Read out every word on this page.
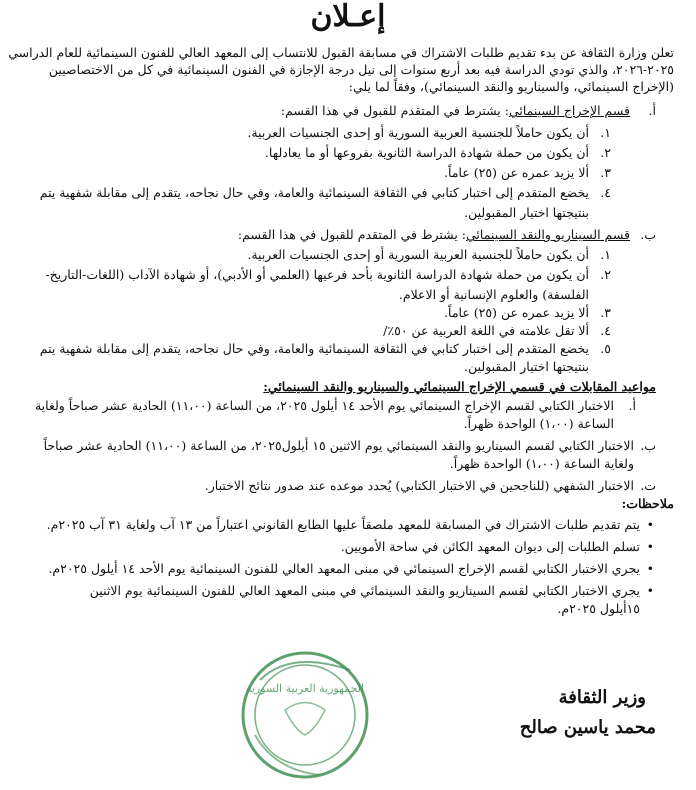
إعـلان
تعلن وزارة الثقافة عن بدء تقديم طلبات الاشتراك في مسابقة القبول للانتساب إلى المعهد العالي للفنون السينمائية للعام الدراسي
٢٠٢٥-٢٠٢٦، والذي تودي الدراسة فيه بعد أربع سنوات إلى نيل درجة الإجازة في الفنون السينمائية في كل من الاختصاصيين
(الإخراج السينمائي، والسيناريو والنقد السينمائي)، وفقاً لما يلي:
أ. قسم الإخراج السينمائي: يشترط في المتقدم للقبول في هذا القسم:
١.أن يكون حاملاً للجنسية العربية السورية أو إحدى الجنسيات العربية.
٢.أن يكون من حملة شهادة الدراسة الثانوية بفروعها أو ما يعادلها.
٣.ألا يزيد عمره عن (٢٥) عاماً.
٤.يخضع المتقدم إلى اختبار كتابي في الثقافة السينمائية والعامة، وفي حال نجاحه، يتقدم إلى مقابلة شفهية يتم
بنتيجتها اختيار المقبولين.
ب. قسم السيناريو والنقد السينمائي: يشترط في المتقدم للقبول في هذا القسم:
١.أن يكون حاملاً للجنسية العربية السورية أو إحدى الجنسيات العربية.
٢.أن يكون من حملة شهادة الدراسة الثانوية بأحد فرعيها (العلمي أو الأدبي)، أو شهادة الآداب (اللغات-التاريخ-
الفلسفة) والعلوم الإنسانية أو الاعلام.
٣.ألا يزيد عمره عن (٢٥) عاماً.
٤.ألا تقل علامته في اللغة العربية عن ٥٠٪/
٥.يخضع المتقدم إلى اختبار كتابي في الثقافة السينمائية والعامة، وفي حال نجاحه، يتقدم إلى مقابلة شفهية يتم
بنتيجتها اختيار المقبولين.
مواعيد المقابلات في قسمي الإخراج السينمائي والسيناريو والنقد السينمائي:
أ.الاختبار الكتابي لقسم الإخراج السينمائي يوم الأحد ١٤ أيلول ٢٠٢٥، من الساعة (١١،٠٠) الحادية عشر صباحاً ولغاية
الساعة (١،٠٠) الواحدة ظهراً.
ب.الاختبار الكتابي لقسم السيناريو والنقد السينمائي يوم الاثنين ١٥ أيلول٢٠٢٥، من الساعة (١١،٠٠) الحادية عشر صباحاً
ولغاية الساعة (١،٠٠) الواحدة ظهراً.
ت.الاختبار الشفهي (للناجحين في الاختبار الكتابي) يُحدد موعده عند صدور نتائج الاختبار.
ملاحظات:
•يتم تقديم طلبات الاشتراك في المسابقة للمعهد ملصقاً عليها الطابع القانوني اعتباراً من ١٣ آب ولغاية ٣١ آب ٢٠٢٥م.
•تسلم الطلبات إلى ديوان المعهد الكائن في ساحة الأمويين.
•يجري الاختبار الكتابي لقسم الإخراج السينمائي في مبنى المعهد العالي للفنون السينمائية يوم الأحد ١٤ أيلول ٢٠٢٥م.
•يجري الاختبار الكتابي لقسم السيناريو والنقد السينمائي في مبنى المعهد العالي للفنون السينمائية يوم الاثنين
١٥أيلول ٢٠٢٥م.
الجمهورية العربية السورية	وزير الثقافة
محمد ياسين صالح
